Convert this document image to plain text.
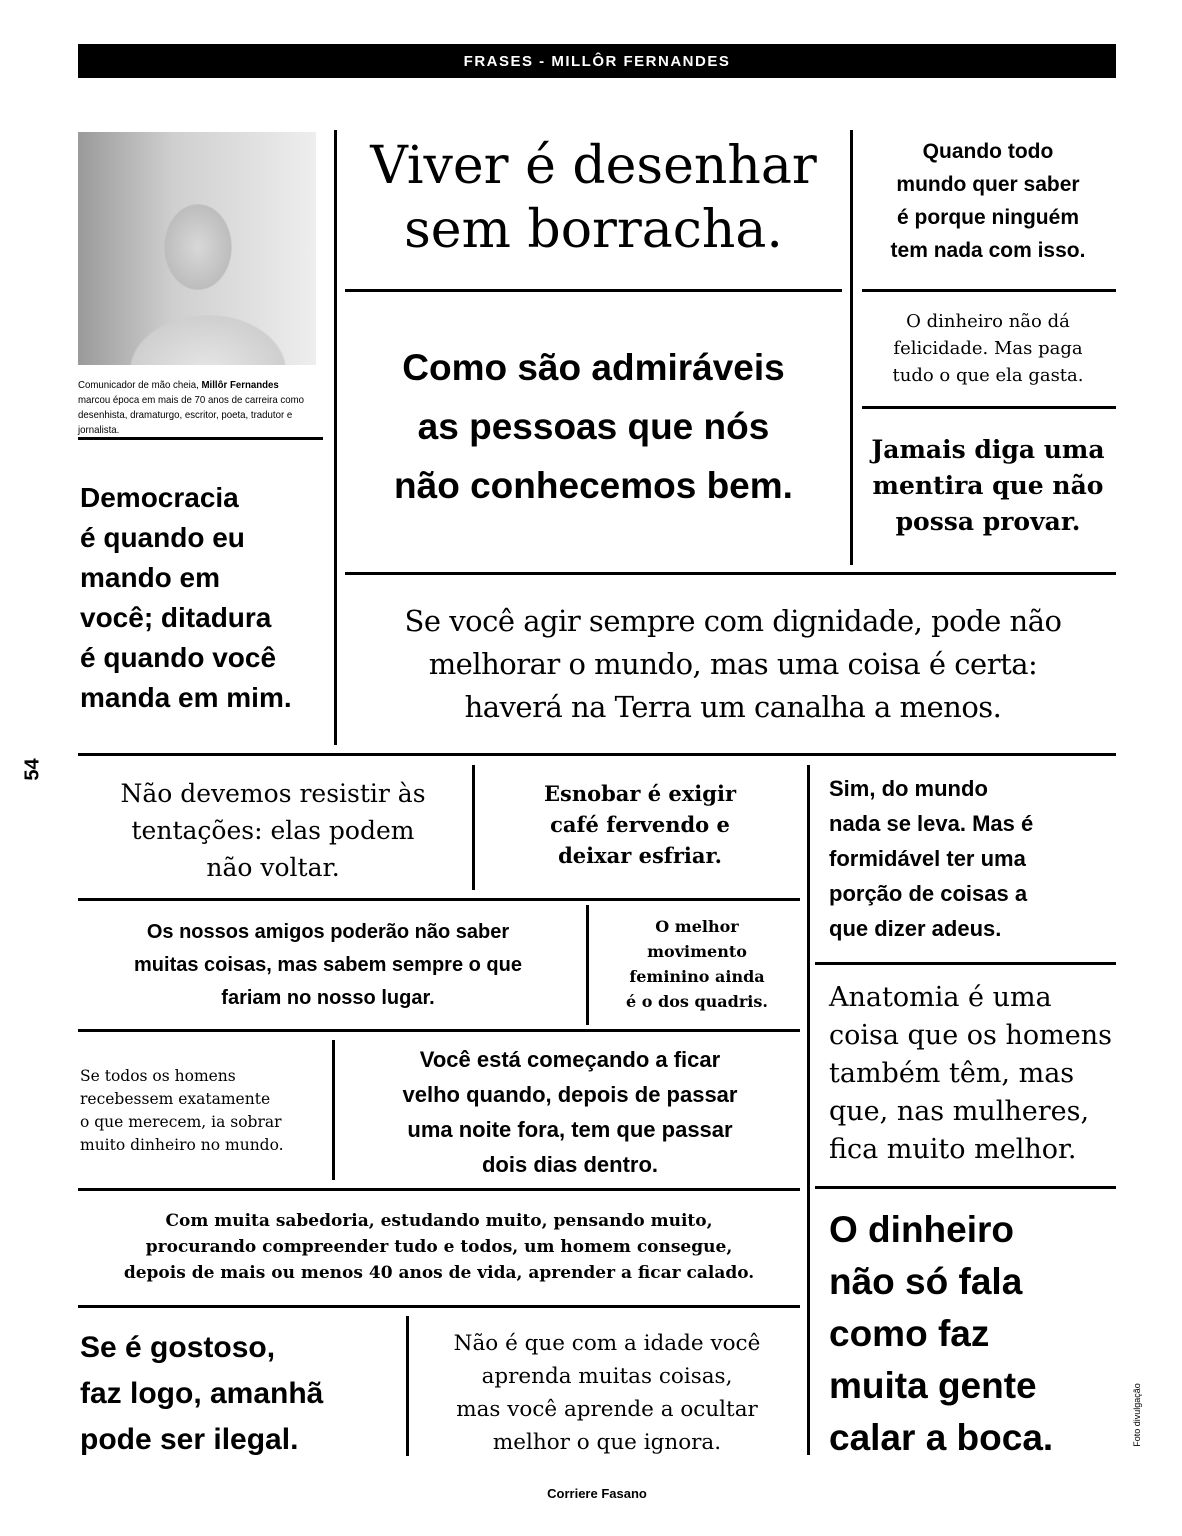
FRASES - MILLÔR FERNANDES
Comunicador de mão cheia, Millôr Fernandes marcou época em mais de 70 anos de carreira como desenhista, dramaturgo, escritor, poeta, tradutor e jornalista.
54
Foto divulgação
Democracia
é quando eu
mando em
você; ditadura
é quando você
manda em mim.
Viver é desenhar
sem borracha.
Como são admiráveis
as pessoas que nós
não conhecemos bem.
Quando todo
mundo quer saber
é porque ninguém
tem nada com isso.
O dinheiro não dá
felicidade. Mas paga
tudo o que ela gasta.
Jamais diga uma
mentira que não
possa provar.
Se você agir sempre com dignidade, pode não
melhorar o mundo, mas uma coisa é certa:
haverá na Terra um canalha a menos.
Não devemos resistir às
tentações: elas podem
não voltar.
Esnobar é exigir
café fervendo e
deixar esfriar.
Sim, do mundo
nada se leva. Mas é
formidável ter uma
porção de coisas a
que dizer adeus.
Os nossos amigos poderão não saber
muitas coisas, mas sabem sempre o que
fariam no nosso lugar.
O melhor
movimento
feminino ainda
é o dos quadris.	Anatomia é uma
coisa que os homens
também têm, mas
que, nas mulheres,
fica muito melhor.
Se todos os homens
recebessem exatamente
o que merecem, ia sobrar
muito dinheiro no mundo.
Você está começando a ficar
velho quando, depois de passar
uma noite fora, tem que passar
dois dias dentro.
Com muita sabedoria, estudando muito, pensando muito,
procurando compreender tudo e todos, um homem consegue,
depois de mais ou menos 40 anos de vida, aprender a ficar calado.
O dinheiro
não só fala
como faz
muita gente
calar a boca.
Se é gostoso,
faz logo, amanhã
pode ser ilegal.
Não é que com a idade você
aprenda muitas coisas,
mas você aprende a ocultar
melhor o que ignora.
Corriere Fasano
